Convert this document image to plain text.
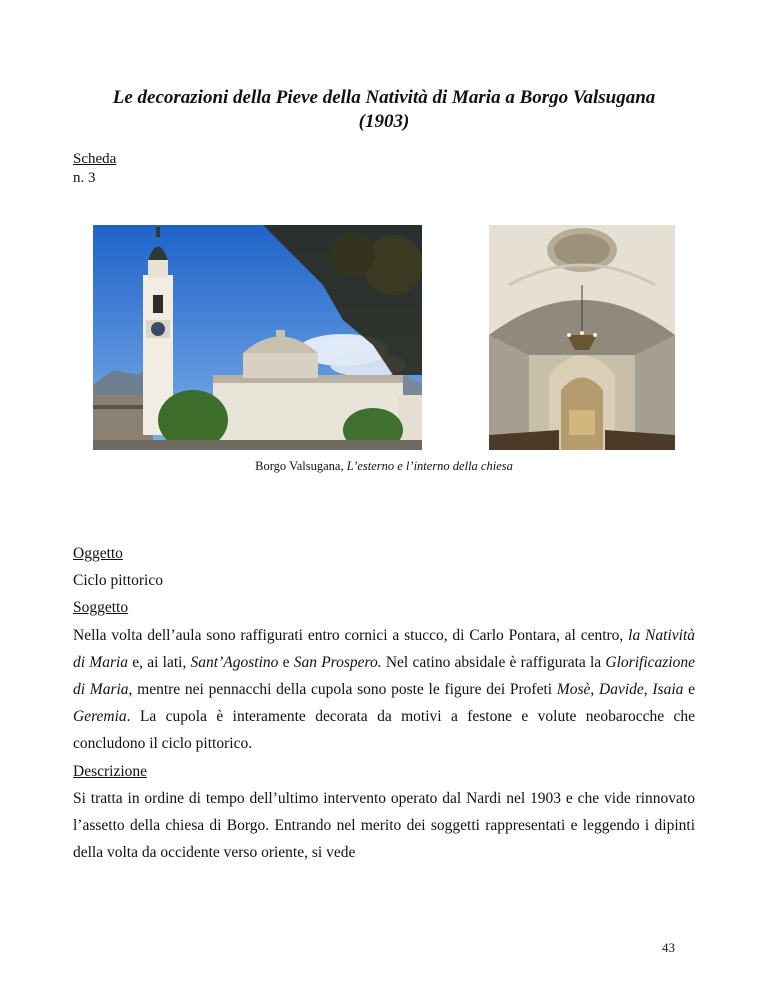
Le decorazioni della Pieve della Natività di Maria a Borgo Valsugana
(1903)
Scheda
n. 3
Borgo Valsugana, L’esterno e l’interno della chiesa
Oggetto
Ciclo pittorico
Soggetto

Nella volta dell’aula sono raffigurati entro cornici a stucco, di Carlo Pontara, al centro, la Natività di Maria e, ai lati, Sant’Agostino e San Prospero. Nel catino absidale è raffigurata la Glorificazione di Maria, mentre nei pennacchi della cupola sono poste le figure dei Profeti Mosè, Davide, Isaia e Geremia. La cupola è interamente decorata da motivi a festone e volute neobarocche che concludono il ciclo pittorico.

Descrizione

Si tratta in ordine di tempo dell’ultimo intervento operato dal Nardi nel 1903 e che vide rinnovato l’assetto della chiesa di Borgo. Entrando nel merito dei soggetti rappresentati e leggendo i dipinti della volta da occidente verso oriente, si vede

43
